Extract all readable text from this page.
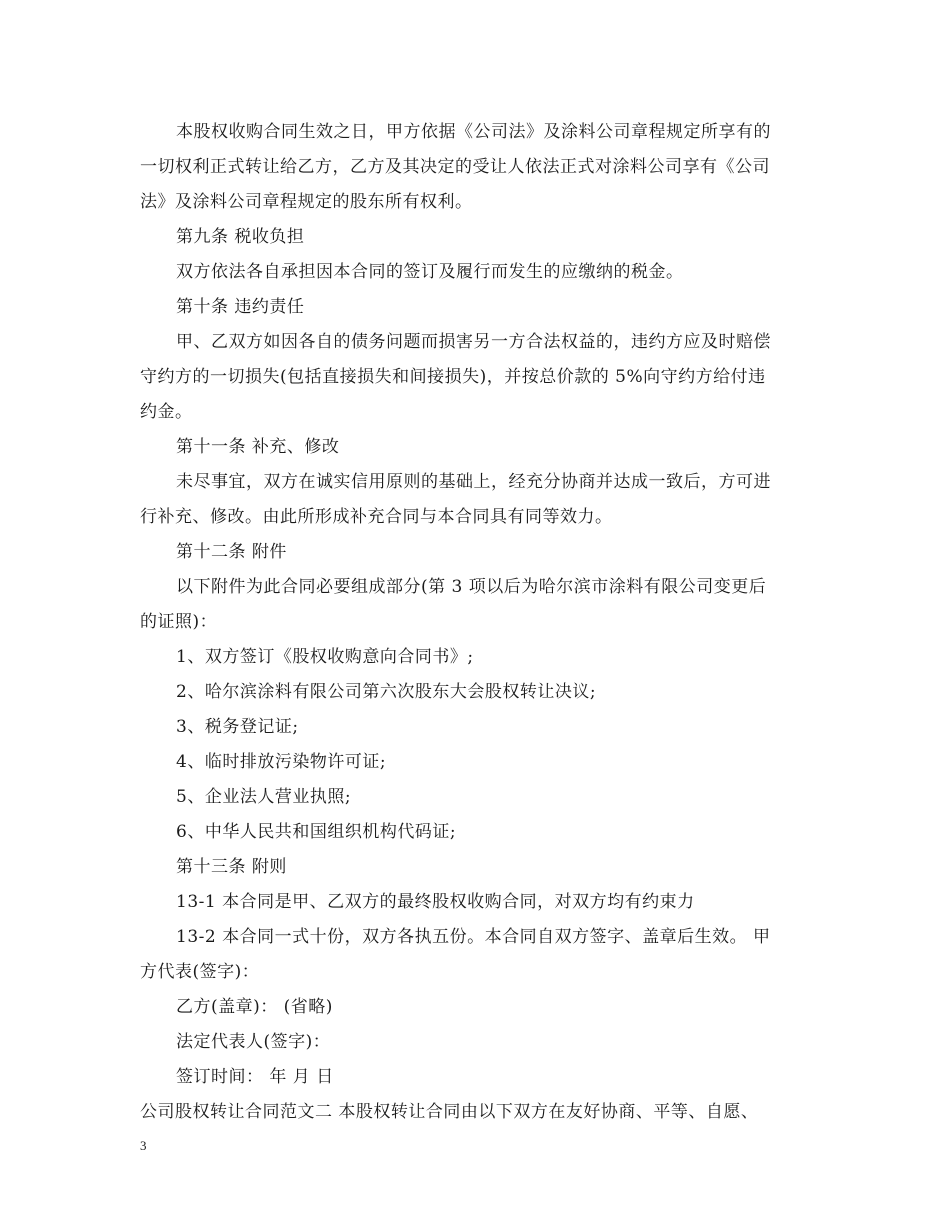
本股权收购合同生效之日，甲方依据《公司法》及涂料公司章程规定所享有的
一切权利正式转让给乙方，乙方及其决定的受让人依法正式对涂料公司享有《公司
法》及涂料公司章程规定的股东所有权利。
第九条 税收负担
双方依法各自承担因本合同的签订及履行而发生的应缴纳的税金。
第十条 违约责任
甲、乙双方如因各自的债务问题而损害另一方合法权益的，违约方应及时赔偿
守约方的一切损失(包括直接损失和间接损失)，并按总价款的 5%向守约方给付违
约金。
第十一条 补充、修改
未尽事宜，双方在诚实信用原则的基础上，经充分协商并达成一致后，方可进
行补充、修改。由此所形成补充合同与本合同具有同等效力。
第十二条 附件
以下附件为此合同必要组成部分(第 3 项以后为哈尔滨市涂料有限公司变更后
的证照)：
1、双方签订《股权收购意向合同书》;
2、哈尔滨涂料有限公司第六次股东大会股权转让决议;
3、税务登记证;
4、临时排放污染物许可证;
5、企业法人营业执照;
6、中华人民共和国组织机构代码证;
第十三条 附则
13-1 本合同是甲、乙双方的最终股权收购合同，对双方均有约束力
13-2 本合同一式十份，双方各执五份。本合同自双方签字、盖章后生效。 甲
方代表(签字)：
乙方(盖章)： (省略)
法定代表人(签字)：
签订时间： 年 月 日
公司股权转让合同范文二 本股权转让合同由以下双方在友好协商、平等、自愿、
3
